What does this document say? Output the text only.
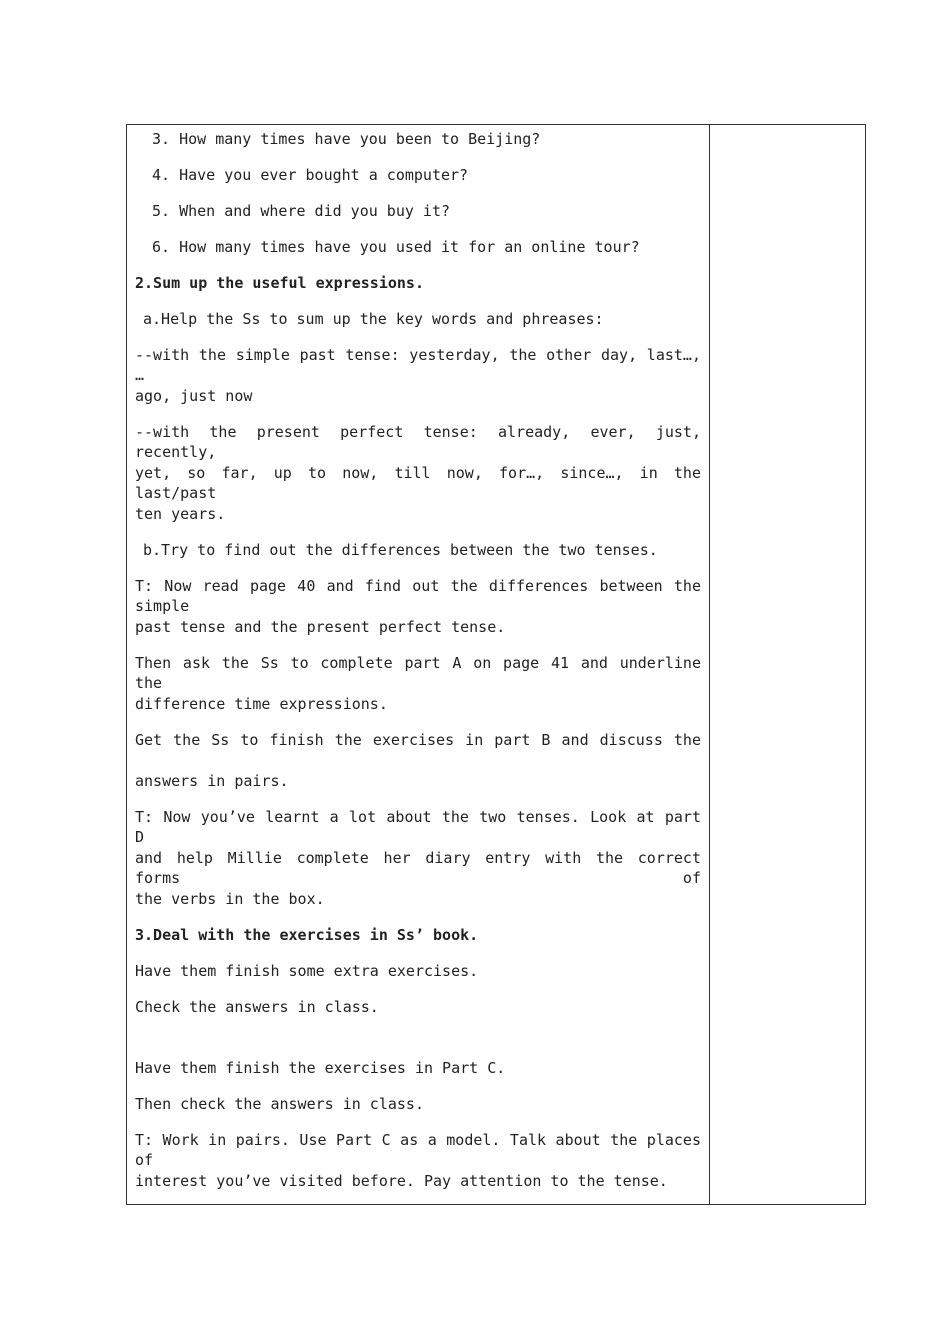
3. How many times have you been to Beijing?
4. Have you ever bought a computer?
5. When and where did you buy it?
6. How many times have you used it for an online tour?
2.Sum up the useful expressions.
a.Help the Ss to sum up the key words and phreases:
--with the simple past tense: yesterday, the other day, last…, …
ago, just now
--with the present perfect tense: already, ever, just, recently,
yet, so far, up to now, till now, for…, since…, in the last/past
ten years.
b.Try to find out the differences between the two tenses.
T: Now read page 40 and find out the differences between the simple
past tense and the present perfect tense.
Then ask the Ss to complete part A on page 41 and underline the
difference time expressions.
Get the Ss to finish the exercises in part B and discuss the
answers in pairs.
T: Now you’ve learnt a lot about the two tenses. Look at part D
and help Millie complete her diary entry with the correct forms of
the verbs in the box.
3.Deal with the exercises in Ss’ book.
Have them finish some extra exercises.
Check the answers in class.
Have them finish the exercises in Part C.
Then check the answers in class.
T: Work in pairs. Use Part C as a model. Talk about the places of
interest you’ve visited before. Pay attention to the tense.
